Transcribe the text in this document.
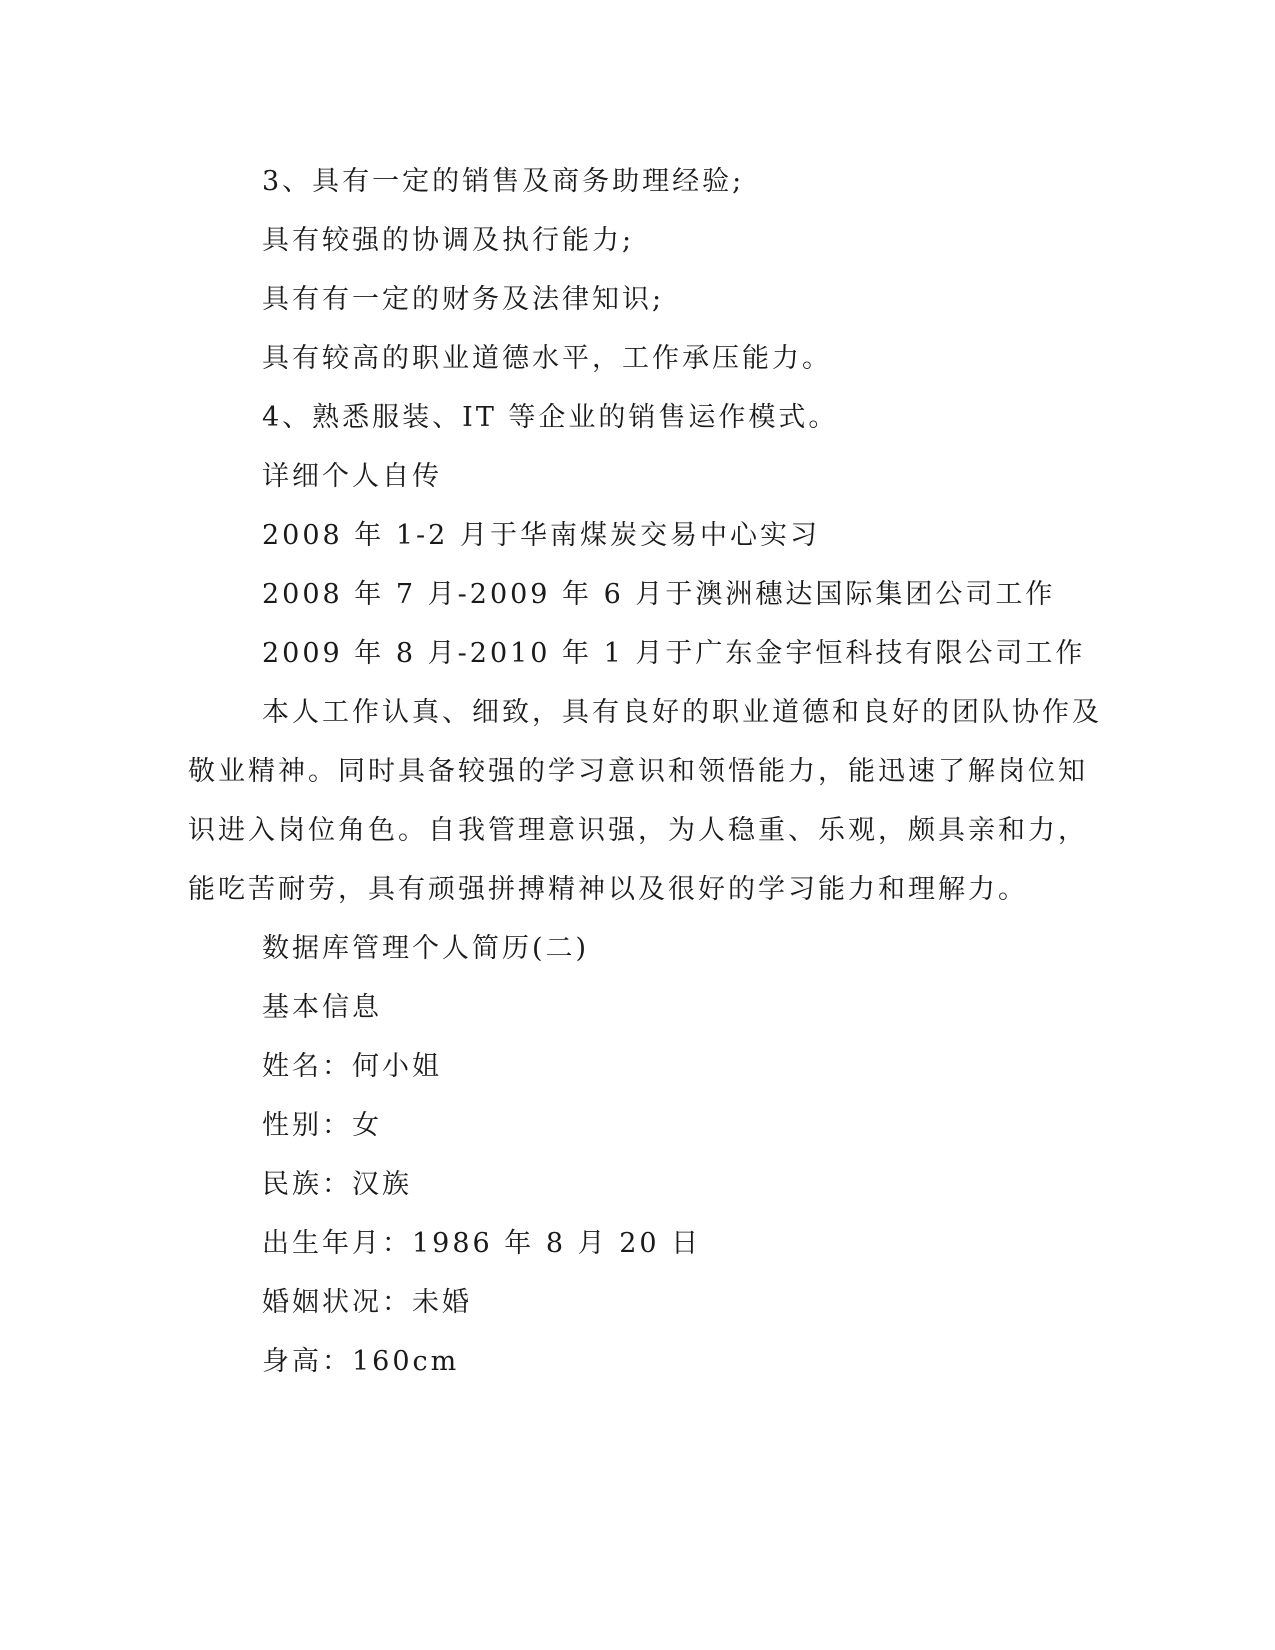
3、具有一定的销售及商务助理经验;
具有较强的协调及执行能力;
具有有一定的财务及法律知识;
具有较高的职业道德水平，工作承压能力。
4、熟悉服装、IT 等企业的销售运作模式。
详细个人自传
2008 年 1-2 月于华南煤炭交易中心实习
2008 年 7 月-2009 年 6 月于澳洲穗达国际集团公司工作
2009 年 8 月-2010 年 1 月于广东金宇恒科技有限公司工作
本人工作认真、细致，具有良好的职业道德和良好的团队协作及
敬业精神。同时具备较强的学习意识和领悟能力，能迅速了解岗位知
识进入岗位角色。自我管理意识强，为人稳重、乐观，颇具亲和力，
能吃苦耐劳，具有顽强拼搏精神以及很好的学习能力和理解力。
数据库管理个人简历(二)
基本信息
姓名：何小姐
性别：女
民族：汉族
出生年月：1986 年 8 月 20 日
婚姻状况：未婚
身高：160cm
